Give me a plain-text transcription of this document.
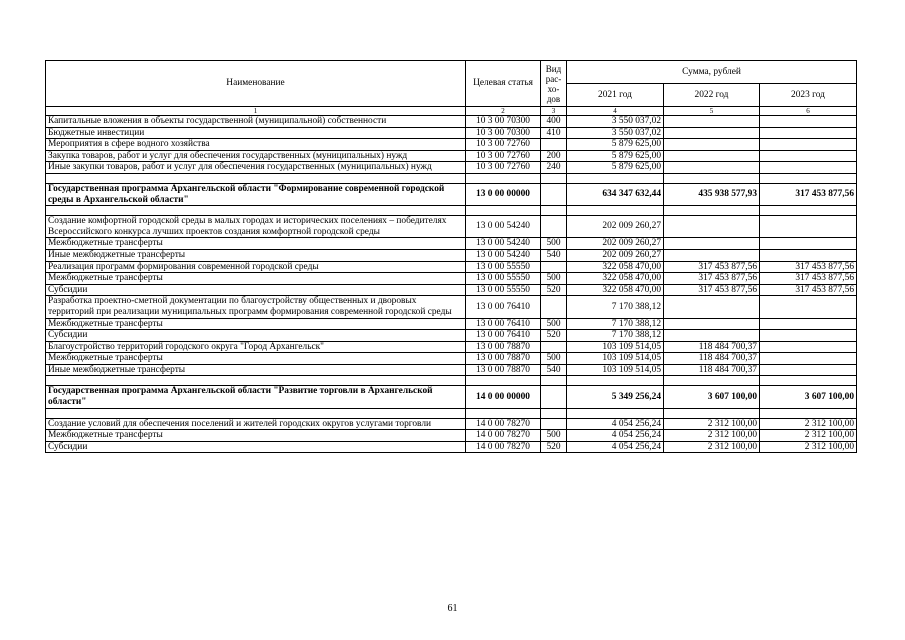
Наименование	Целевая статья	Вид рас- хо- дов	Сумма, рублей		
			2021 год	2022 год	2023 год
1	2	3	4	5	6
Капитальные вложения в объекты государственной (муниципальной) собственности	10 3 00 70300	400	3 550 037,02		
Бюджетные инвестиции	10 3 00 70300	410	3 550 037,02		
Мероприятия в сфере водного хозяйства	10 3 00 72760		5 879 625,00		
Закупка товаров, работ и услуг для обеспечения государственных (муниципальных) нужд	10 3 00 72760	200	5 879 625,00		
Иные закупки товаров, работ и услуг для обеспечения государственных (муниципальных) нужд	10 3 00 72760	240	5 879 625,00		

Государственная программа Архангельской области "Формирование современной городской среды в Архангельской области"	13 0 00 00000		634 347 632,44	435 938 577,93	317 453 877,56

Создание комфортной городской среды в малых городах и исторических поселениях – победителях Всероссийского конкурса лучших проектов создания комфортной городской среды	13 0 00 54240		202 009 260,27		
Межбюджетные трансферты	13 0 00 54240	500	202 009 260,27		
Иные межбюджетные трансферты	13 0 00 54240	540	202 009 260,27		
Реализация программ формирования современной городской среды	13 0 00 55550		322 058 470,00	317 453 877,56	317 453 877,56
Межбюджетные трансферты	13 0 00 55550	500	322 058 470,00	317 453 877,56	317 453 877,56
Субсидии	13 0 00 55550	520	322 058 470,00	317 453 877,56	317 453 877,56
Разработка проектно-сметной документации по благоустройству общественных и дворовых территорий при реализации муниципальных программ формирования современной городской среды	13 0 00 76410		7 170 388,12		
Межбюджетные трансферты	13 0 00 76410	500	7 170 388,12		
Субсидии	13 0 00 76410	520	7 170 388,12		
Благоустройство территорий городского округа "Город Архангельск"	13 0 00 78870		103 109 514,05	118 484 700,37	
Межбюджетные трансферты	13 0 00 78870	500	103 109 514,05	118 484 700,37	
Иные межбюджетные трансферты	13 0 00 78870	540	103 109 514,05	118 484 700,37	

Государственная программа Архангельской области "Развитие торговли в Архангельской области"	14 0 00 00000		5 349 256,24	3 607 100,00	3 607 100,00

Создание условий для обеспечения поселений и жителей городских округов услугами торговли	14 0 00 78270		4 054 256,24	2 312 100,00	2 312 100,00
Межбюджетные трансферты	14 0 00 78270	500	4 054 256,24	2 312 100,00	2 312 100,00
Субсидии	14 0 00 78270	520	4 054 256,24	2 312 100,00	2 312 100,00
61
